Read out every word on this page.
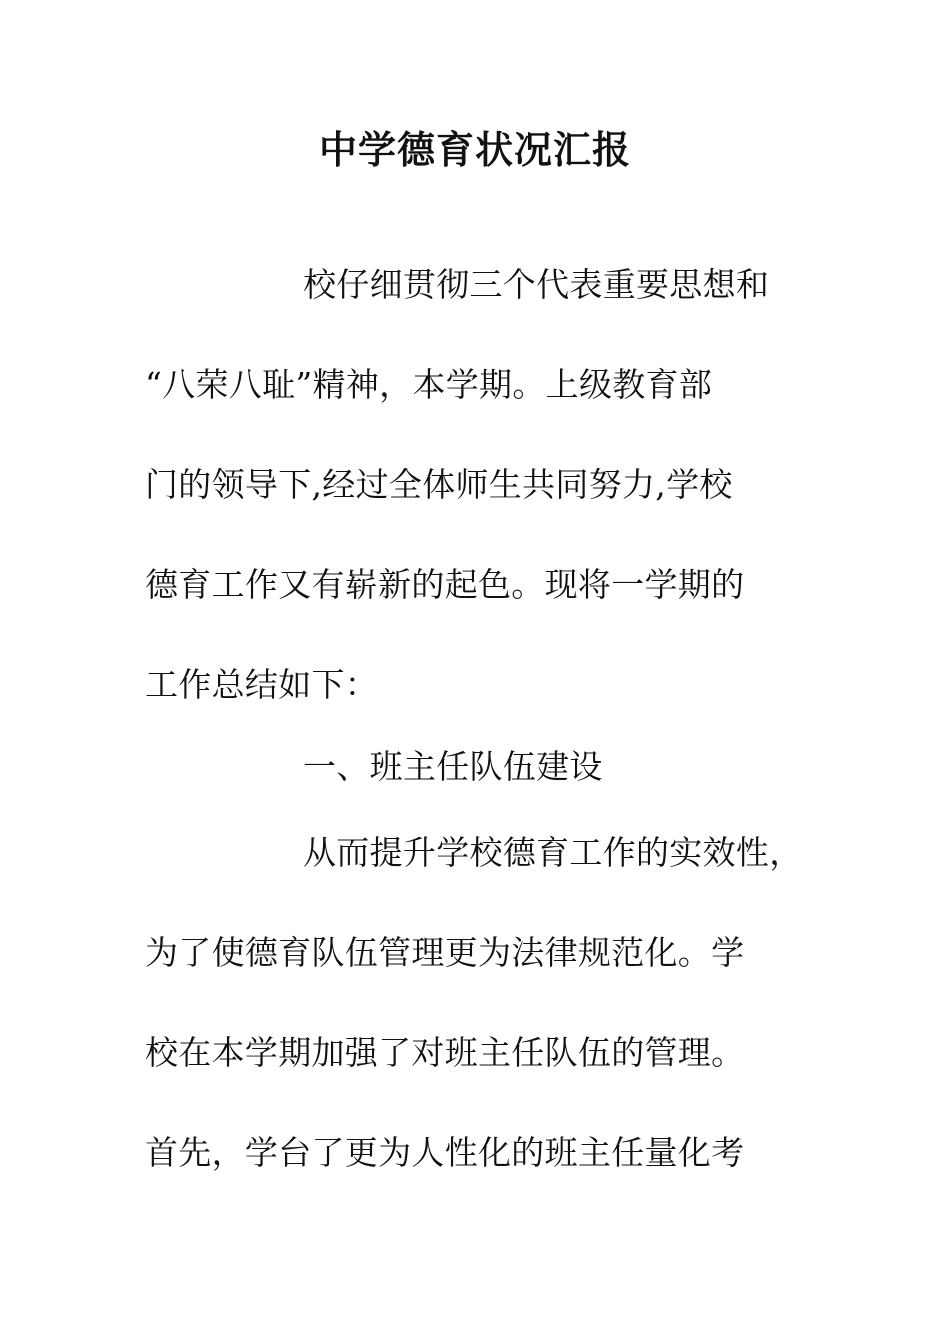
中学德育状况汇报
校仔细贯彻三个代表重要思想和
“八荣八耻”精神，本学期。上级教育部
门的领导下,经过全体师生共同努力,学校
德育工作又有崭新的起色。现将一学期的
工作总结如下：
一、班主任队伍建设
从而提升学校德育工作的实效性，
为了使德育队伍管理更为法律规范化。学
校在本学期加强了对班主任队伍的管理。
首先，学台了更为人性化的班主任量化考
